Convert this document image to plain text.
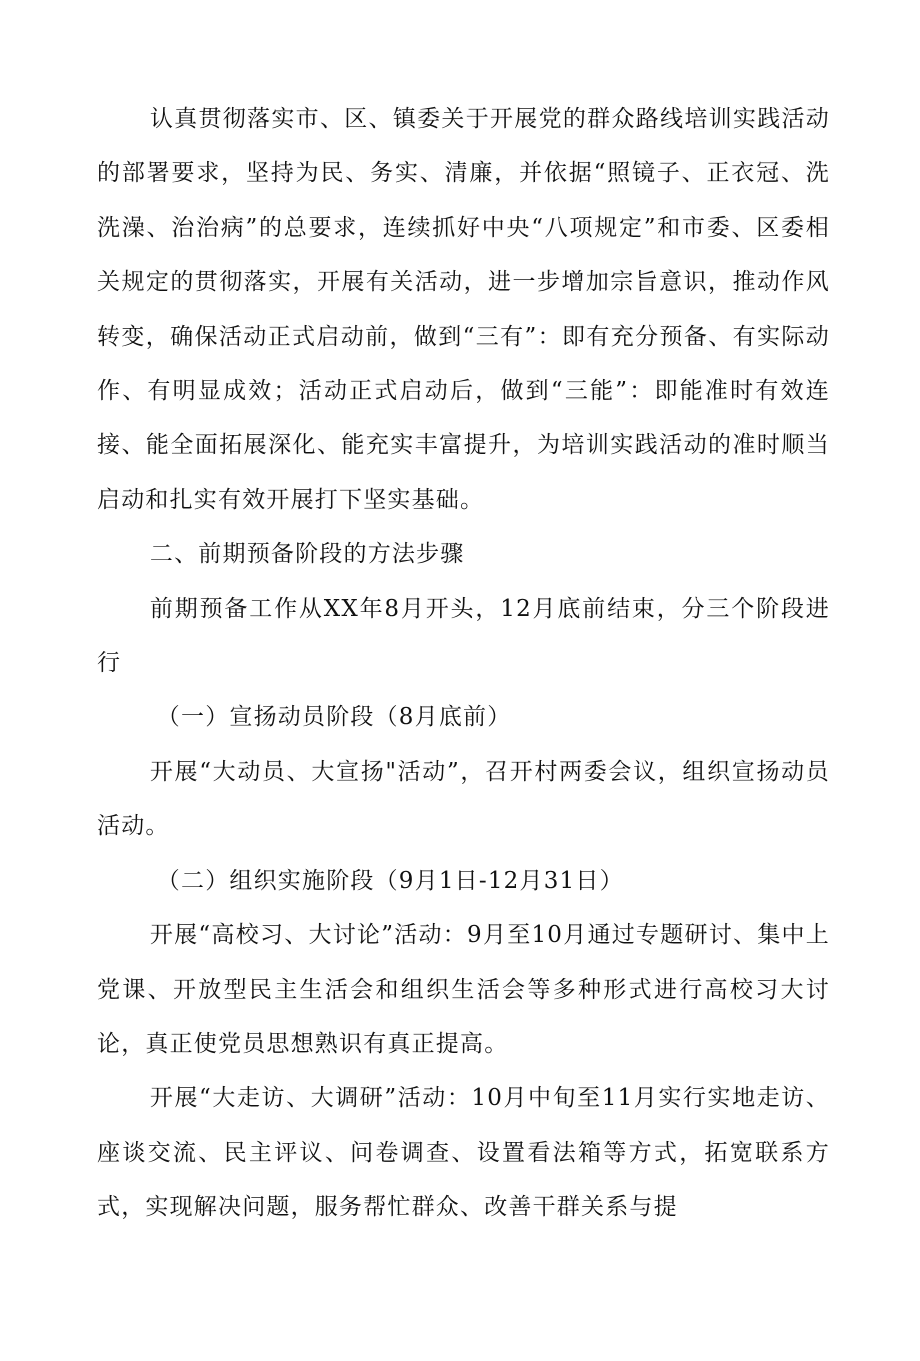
认真贯彻落实市、区、镇委关于开展党的群众路线培训实践活动的部署要求，坚持为民、务实、清廉，并依据“照镜子、正衣冠、洗洗澡、治治病”的总要求，连续抓好中央“八项规定”和市委、区委相关规定的贯彻落实，开展有关活动，进一步增加宗旨意识，推动作风转变，确保活动正式启动前，做到“三有”：即有充分预备、有实际动作、有明显成效；活动正式启动后，做到“三能”：即能准时有效连接、能全面拓展深化、能充实丰富提升，为培训实践活动的准时顺当启动和扎实有效开展打下坚实基础。

二、前期预备阶段的方法步骤

前期预备工作从XX年8月开头，12月底前结束，分三个阶段进行

（一）宣扬动员阶段（8月底前）

开展“大动员、大宣扬"活动”，召开村两委会议，组织宣扬动员活动。

（二）组织实施阶段（9月1日-12月31日）

开展“高校习、大讨论”活动：9月至10月通过专题研讨、集中上党课、开放型民主生活会和组织生活会等多种形式进行高校习大讨论，真正使党员思想熟识有真正提高。

开展“大走访、大调研”活动：10月中旬至11月实行实地走访、座谈交流、民主评议、问卷调查、设置看法箱等方式，拓宽联系方式，实现解决问题，服务帮忙群众、改善干群关系与提
